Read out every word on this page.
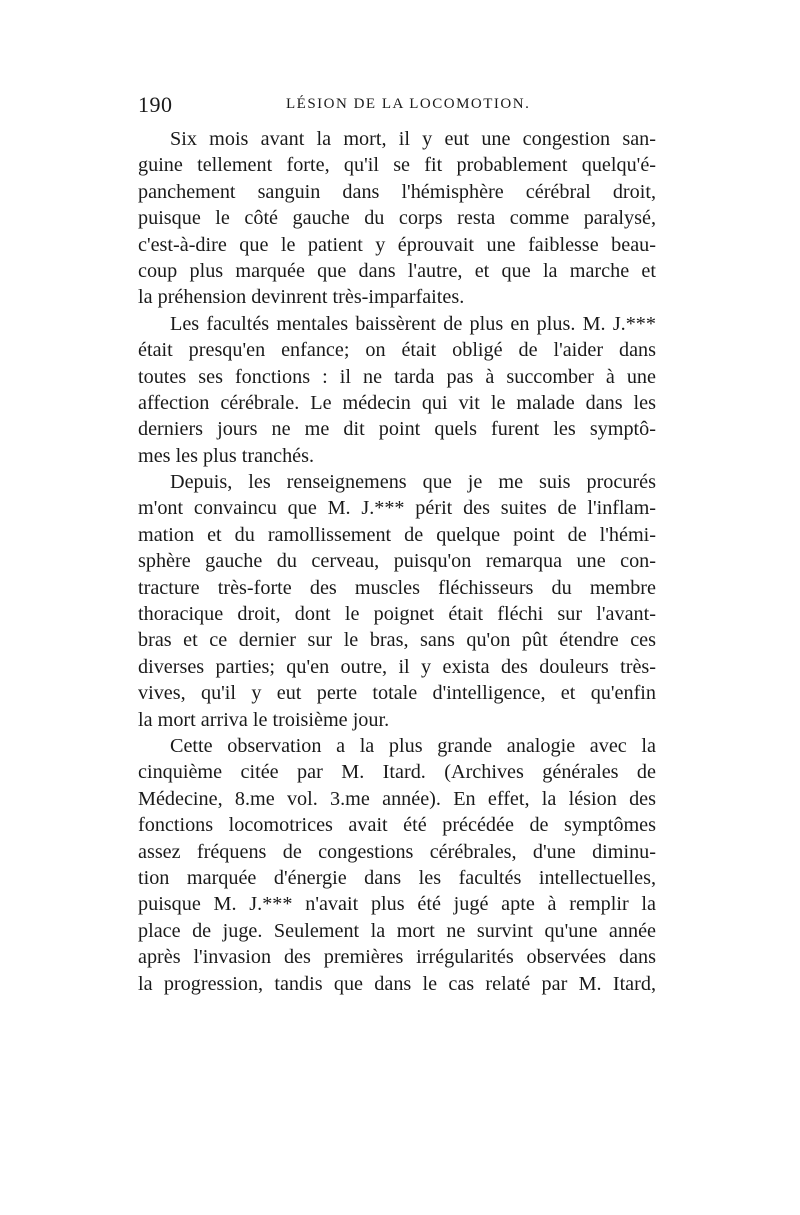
190	LÉSION DE LA LOCOMOTION.
Six mois avant la mort, il y eut une congestion san-
guine tellement forte, qu'il se fit probablement quelqu'é-
panchement sanguin dans l'hémisphère cérébral droit,
puisque le côté gauche du corps resta comme paralysé,
c'est-à-dire que le patient y éprouvait une faiblesse beau-
coup plus marquée que dans l'autre, et que la marche et
la préhension devinrent très-imparfaites.
Les facultés mentales baissèrent de plus en plus. M. J.***
était presqu'en enfance; on était obligé de l'aider dans
toutes ses fonctions : il ne tarda pas à succomber à une
affection cérébrale. Le médecin qui vit le malade dans les
derniers jours ne me dit point quels furent les symptô-
mes les plus tranchés.
Depuis, les renseignemens que je me suis procurés
m'ont convaincu que M. J.*** périt des suites de l'inflam-
mation et du ramollissement de quelque point de l'hémi-
sphère gauche du cerveau, puisqu'on remarqua une con-
tracture très-forte des muscles fléchisseurs du membre
thoracique droit, dont le poignet était fléchi sur l'avant-
bras et ce dernier sur le bras, sans qu'on pût étendre ces
diverses parties; qu'en outre, il y exista des douleurs très-
vives, qu'il y eut perte totale d'intelligence, et qu'enfin
la mort arriva le troisième jour.
Cette observation a la plus grande analogie avec la
cinquième citée par M. Itard. (Archives générales de
Médecine, 8.me vol. 3.me année). En effet, la lésion des
fonctions locomotrices avait été précédée de symptômes
assez fréquens de congestions cérébrales, d'une diminu-
tion marquée d'énergie dans les facultés intellectuelles,
puisque M. J.*** n'avait plus été jugé apte à remplir la
place de juge. Seulement la mort ne survint qu'une année
après l'invasion des premières irrégularités observées dans
la progression, tandis que dans le cas relaté par M. Itard,
